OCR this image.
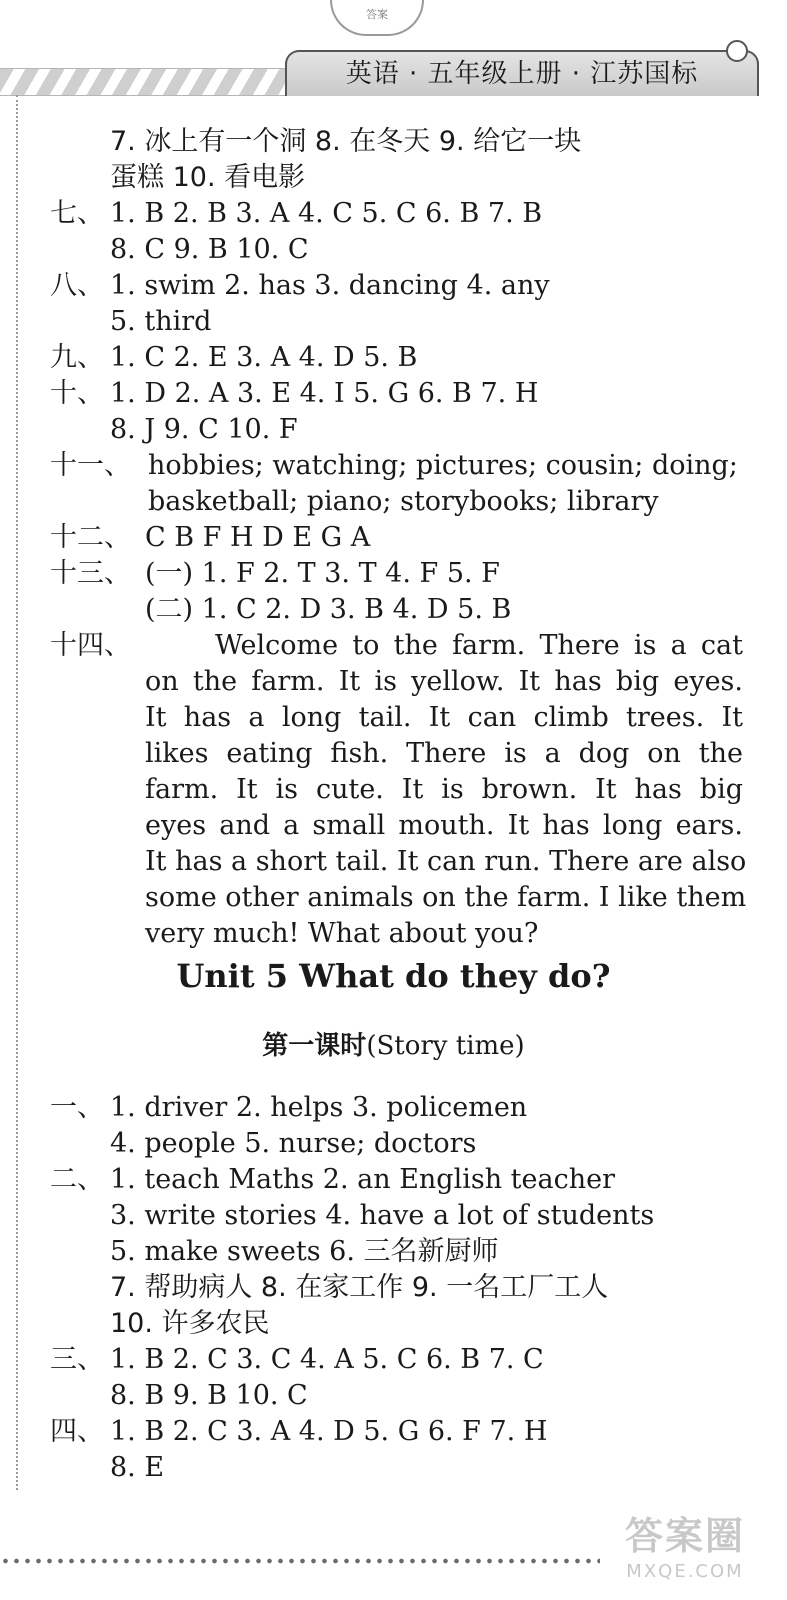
答案
英语 · 五年级上册 · 江苏国标
7. 冰上有一个洞 8. 在冬天 9. 给它一块
蛋糕 10. 看电影
七、 1. B 2. B 3. A 4. C 5. C 6. B 7. B
8. C 9. B 10. C
八、 1. swim 2. has 3. dancing 4. any
5. third
九、 1. C 2. E 3. A 4. D 5. B
十、 1. D 2. A 3. E 4. I 5. G 6. B 7. H
8. J 9. C 10. F
十一、 hobbies; watching; pictures; cousin; doing;
basketball; piano; storybooks; library
十二、 C B F H D E G A
十三、 (一) 1. F 2. T 3. T 4. F 5. F
(二) 1. C 2. D 3. B 4. D 5. B
十四、	Welcome to the farm. There is a cat
on the farm. It is yellow. It has big eyes.
It has a long tail. It can climb trees. It
likes eating fish. There is a dog on the
farm. It is cute. It is brown. It has big
eyes and a small mouth. It has long ears.
It has a short tail. It can run. There are also
some other animals on the farm. I like them
very much! What about you?
Unit 5 What do they do?
第一课时(Story time)
一、 1. driver 2. helps 3. policemen
4. people 5. nurse; doctors
二、 1. teach Maths 2. an English teacher
3. write stories 4. have a lot of students
5. make sweets 6. 三名新厨师
7. 帮助病人 8. 在家工作 9. 一名工厂工人
10. 许多农民
三、 1. B 2. C 3. C 4. A 5. C 6. B 7. C
8. B 9. B 10. C
四、 1. B 2. C 3. A 4. D 5. G 6. F 7. H
8. E
答案圈
MXQE.COM
